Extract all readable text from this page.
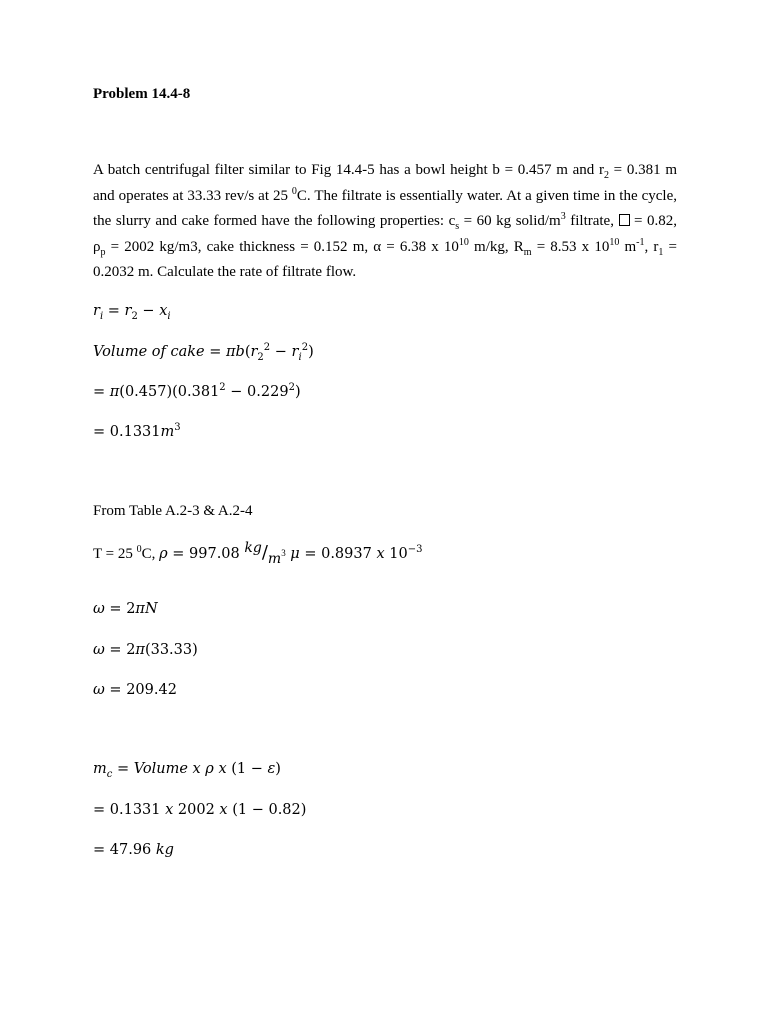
Problem 14.4-8
A batch centrifugal filter similar to Fig 14.4-5 has a bowl height b = 0.457 m and $r_2 = 0.381$ m and operates at 33.33 rev/s at 25 $^0$C. The filtrate is essentially water. At a given time in the cycle, the slurry and cake formed have the following properties: $c_s = 60$ kg solid/$m^3$ filtrate,  = 0.82, $\rho_p = 2002$ kg/m3, cake thickness = 0.152 m, α = 6.38 x $10^{10}$ m/kg, $R_m = 8.53$ x $10^{10}$ $m^{-1}$, $r_1 = 0.2032$ m. Calculate the rate of filtrate flow.
$r_i = r_2 - x_i$
Volume of cake = $\pi b(r_2^2 - r_i^2)$
= $\pi(0.457)(0.381^2 - 0.229^2)$
= $0.1331m^3$
From Table A.2-3 & A.2-4
T = 25 $^0$C, ρ = 997.08 $kg/m^3$ μ = 0.8937 x $10^{-3}$
ω = 2πN
ω = 2π(33.33)
ω = 209.42
$m_c$ = Volume x ρ x (1 − ε)
= 0.1331 x 2002 x (1 − 0.82)
= 47.96 kg
